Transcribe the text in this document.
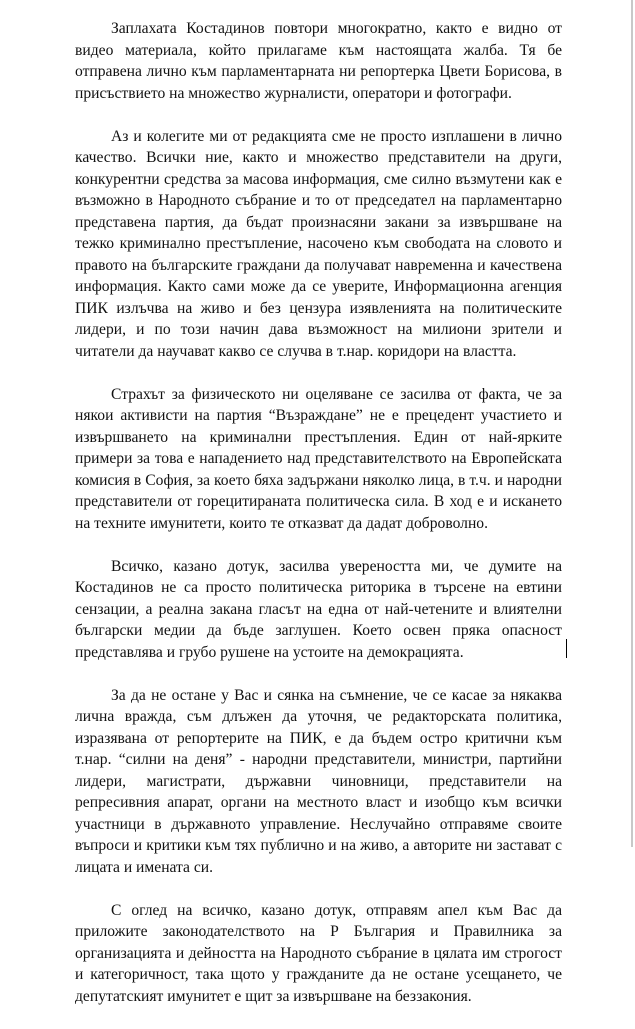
Заплахата Костадинов повтори многократно, както е видно от видео материала, който прилагаме към настоящата жалба. Тя бе отправена лично към парламентарната ни репортерка Цвети Борисова, в присъствието на множество журналисти, оператори и фотографи.

Аз и колегите ми от редакцията сме не просто изплашени в лично качество. Всички ние, както и множество представители на други, конкурентни средства за масова информация, сме силно възмутени как е възможно в Народното събрание и то от председател на парламентарно представена партия, да бъдат произнасяни закани за извършване на тежко криминално престъпление, насочено към свободата на словото и правото на българските граждани да получават навременна и качествена информация. Както сами може да се уверите, Информационна агенция ПИК излъчва на живо и без цензура изявленията на политическите лидери, и по този начин дава възможност на милиони зрители и читатели да научават какво се случва в т.нар. коридори на властта.

Страхът за физическото ни оцеляване се засилва от факта, че за някои активисти на партия “Възраждане” не е прецедент участието и извършването на криминални престъпления. Един от най-ярките примери за това е нападението над представителството на Европейската комисия в София, за което бяха задържани няколко лица, в т.ч. и народни представители от горецитираната политическа сила. В ход е и искането на техните имунитети, които те отказват да дадат доброволно.

Всичко, казано дотук, засилва увереността ми, че думите на Костадинов не са просто политическа риторика в търсене на евтини сензации, а реална закана гласът на една от най-четените и влиятелни български медии да бъде заглушен. Което освен пряка опасност представлява и грубо рушене на устоите на демокрацията.

За да не остане у Вас и сянка на съмнение, че се касае за някаква лична вражда, съм длъжен да уточня, че редакторската политика, изразявана от репортерите на ПИК, е да бъдем остро критични към т.нар. “силни на деня” - народни представители, министри, партийни лидери, магистрати, държавни чиновници, представители на репресивния апарат, органи на местното власт и изобщо към всички участници в държавното управление. Неслучайно отправяме своите въпроси и критики към тях публично и на живо, а авторите ни застават с лицата и имената си.

С оглед на всичко, казано дотук, отправям апел към Вас да приложите законодателството на Р България и Правилника за организацията и дейността на Народното събрание в цялата им строгост и категоричност, така щото у гражданите да не остане усещането, че депутатският имунитет е щит за извършване на беззакония.
